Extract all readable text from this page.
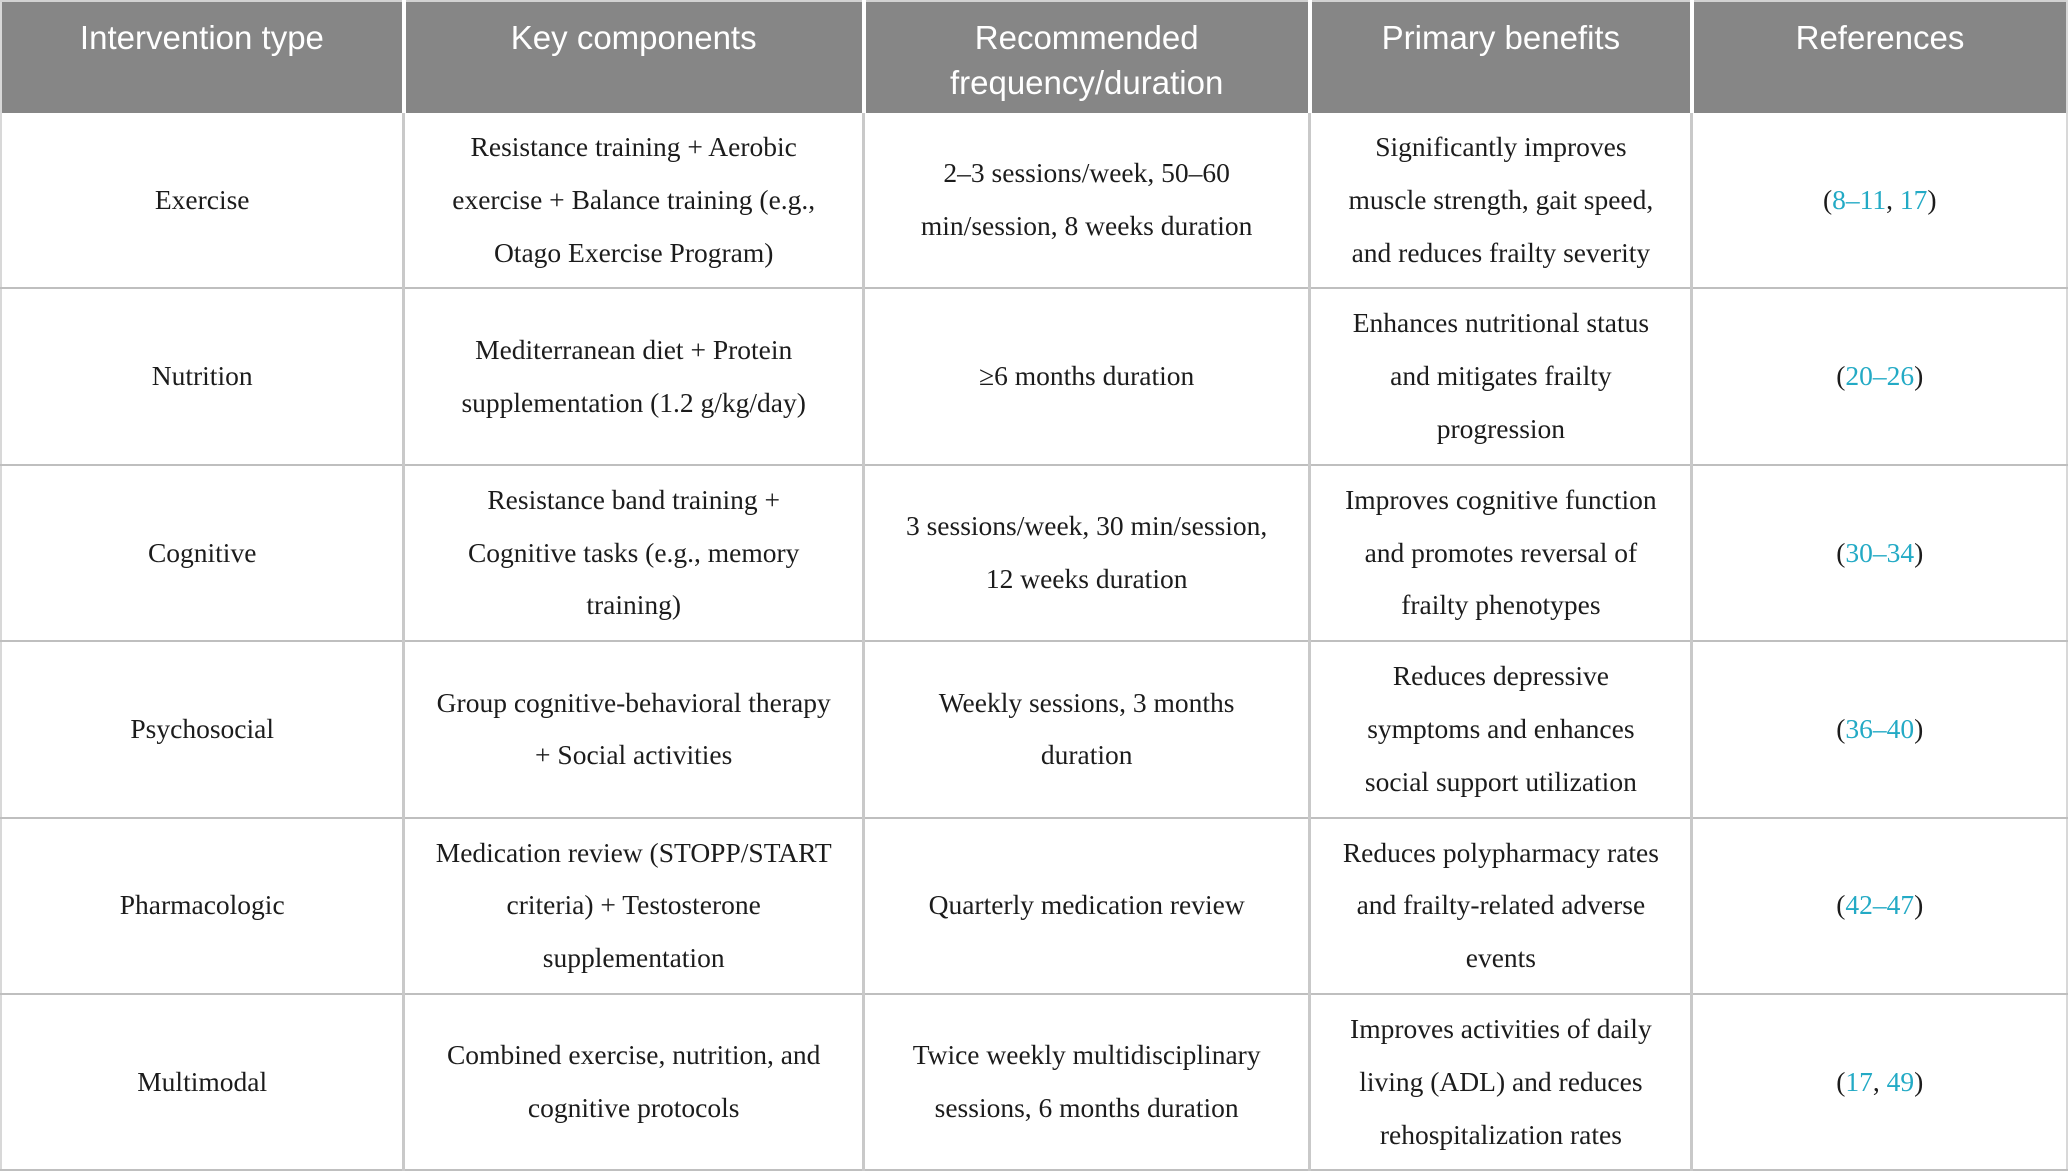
Intervention type	Key components	Recommended frequency/duration	Primary benefits	References
Exercise	Resistance training + Aerobic exercise + Balance training (e.g., Otago Exercise Program)	2–3 sessions/week, 50–60 min/session, 8 weeks duration	Significantly improves muscle strength, gait speed, and reduces frailty severity	(8–11, 17)
Nutrition	Mediterranean diet + Protein supplementation (1.2 g/kg/day)	≥6 months duration	Enhances nutritional status and mitigates frailty progression	(20–26)
Cognitive	Resistance band training + Cognitive tasks (e.g., memory training)	3 sessions/week, 30 min/session, 12 weeks duration	Improves cognitive function and promotes reversal of frailty phenotypes	(30–34)
Psychosocial	Group cognitive-behavioral therapy + Social activities	Weekly sessions, 3 months duration	Reduces depressive symptoms and enhances social support utilization	(36–40)
Pharmacologic	Medication review (STOPP/START criteria) + Testosterone supplementation	Quarterly medication review	Reduces polypharmacy rates and frailty-related adverse events	(42–47)
Multimodal	Combined exercise, nutrition, and cognitive protocols	Twice weekly multidisciplinary sessions, 6 months duration	Improves activities of daily living (ADL) and reduces rehospitalization rates	(17, 49)
